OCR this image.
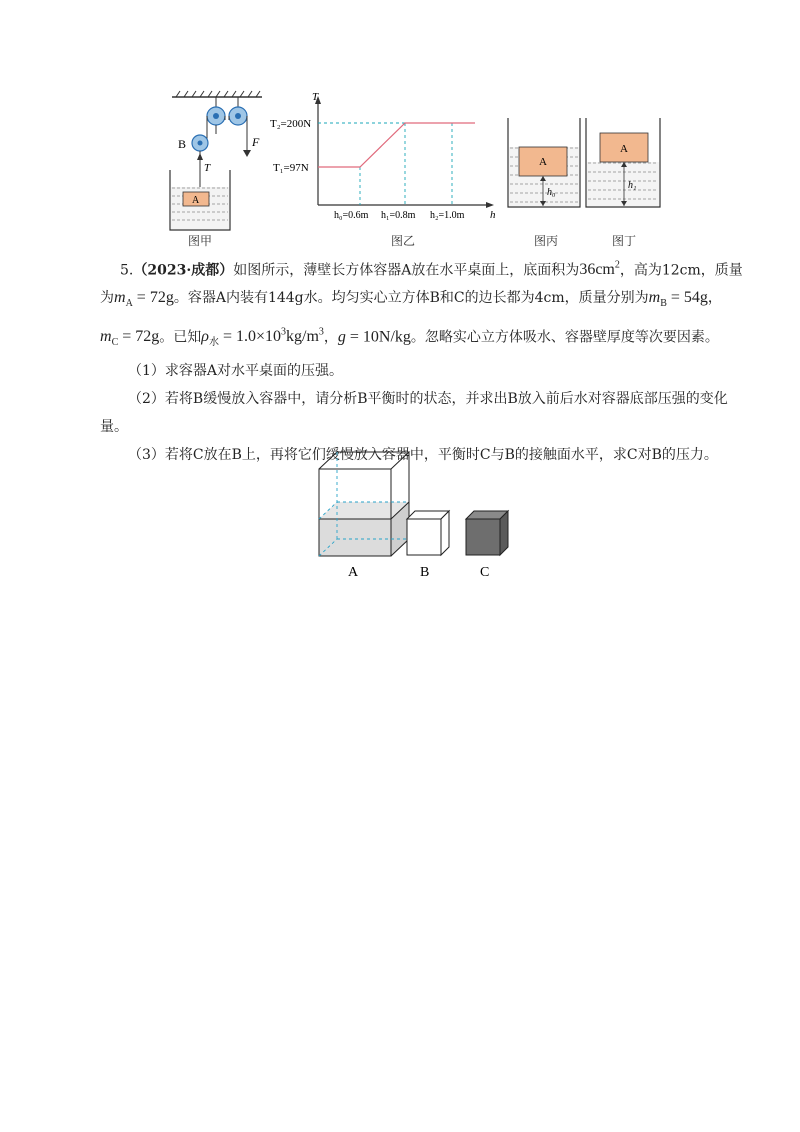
B	F
T
A
图甲
T
h
T₂=200N
T₁=97N
h₀=0.6m h₁=0.8m h₂=1.0m
图乙
A
h₀
图丙
A
h₁
图丁
5.（2023·成都）如图所示，薄壁长方体容器A放在水平桌面上，底面积为$36cm^2$，高为12cm，质量
为$m_A = 72g$。容器A内装有144g水。均匀实心立方体B和C的边长都为4cm，质量分别为$m_B = 54g$，
$m_C = 72g$。已知$\rho_水 = 1.0\times 10^3kg/m^3$，g = 10N/kg。忽略实心立方体吸水、容器壁厚度等次要因素。
（1）求容器A对水平桌面的压强。
（2）若将B缓慢放入容器中，请分析B平衡时的状态，并求出B放入前后水对容器底部压强的变化
量。
（3）若将C放在B上，再将它们缓慢放入容器中，平衡时C与B的接触面水平，求C对B的压力。
A	B	C
